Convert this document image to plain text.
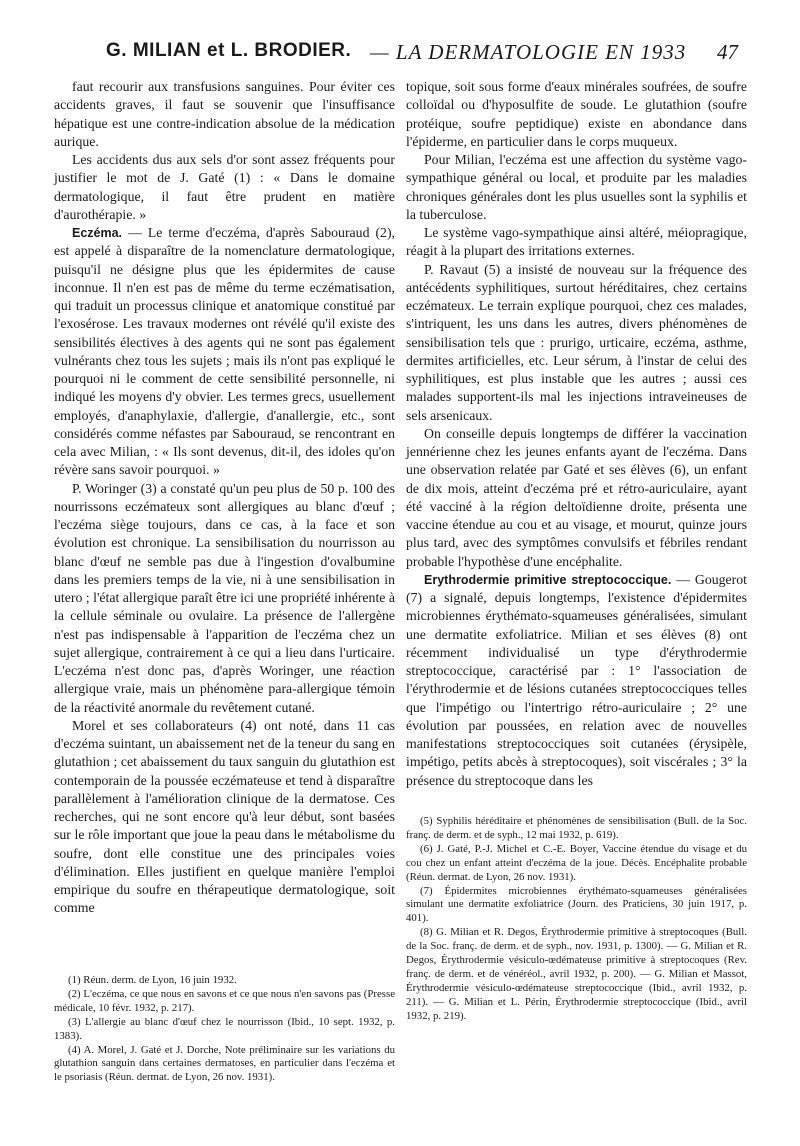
G. MILIAN et L. BRODIER. — LA DERMATOLOGIE EN 1933 47

faut recourir aux transfusions sanguines. Pour éviter ces accidents graves, il faut se souvenir que l'insuffisance hépatique est une contre-indication absolue de la médication aurique.

Les accidents dus aux sels d'or sont assez fréquents pour justifier le mot de J. Gaté (1) : « Dans le domaine dermatologique, il faut être prudent en matière d'aurothérapie. »

Eczéma. — Le terme d'eczéma, d'après Sabouraud (2), est appelé à disparaître de la nomenclature dermatologique, puisqu'il ne désigne plus que les épidermites de cause inconnue. Il n'en est pas de même du terme eczématisation, qui traduit un processus clinique et anatomique constitué par l'exosérose. Les travaux modernes ont révélé qu'il existe des sensibilités électives à des agents qui ne sont pas également vulnérants chez tous les sujets ; mais ils n'ont pas expliqué le pourquoi ni le comment de cette sensibilité personnelle, ni indiqué les moyens d'y obvier. Les termes grecs, usuellement employés, d'anaphylaxie, d'allergie, d'anallergie, etc., sont considérés comme néfastes par Sabouraud, se rencontrant en cela avec Milian, : « Ils sont devenus, dit-il, des idoles qu'on révère sans savoir pourquoi. »

P. Woringer (3) a constaté qu'un peu plus de 50 p. 100 des nourrissons eczémateux sont allergiques au blanc d'œuf ; l'eczéma siège toujours, dans ce cas, à la face et son évolution est chronique. La sensibilisation du nourrisson au blanc d'œuf ne semble pas due à l'ingestion d'ovalbumine dans les premiers temps de la vie, ni à une sensibilisation in utero ; l'état allergique paraît être ici une propriété inhérente à la cellule séminale ou ovulaire. La présence de l'allergène n'est pas indispensable à l'apparition de l'eczéma chez un sujet allergique, contrairement à ce qui a lieu dans l'urticaire. L'eczéma n'est donc pas, d'après Woringer, une réaction allergique vraie, mais un phénomène para-allergique témoin de la réactivité anormale du revêtement cutané.

Morel et ses collaborateurs (4) ont noté, dans 11 cas d'eczéma suintant, un abaissement net de la teneur du sang en glutathion ; cet abaissement du taux sanguin du glutathion est contemporain de la poussée eczémateuse et tend à disparaître parallèlement à l'amélioration clinique de la dermatose. Ces recherches, qui ne sont encore qu'à leur début, sont basées sur le rôle important que joue la peau dans le métabolisme du soufre, dont elle constitue une des principales voies d'élimination. Elles justifient en quelque manière l'emploi empirique du soufre en thérapeutique dermatologique, soit comme

topique, soit sous forme d'eaux minérales soufrées, de soufre colloïdal ou d'hyposulfite de soude. Le glutathion (soufre protéique, soufre peptidique) existe en abondance dans l'épiderme, en particulier dans le corps muqueux.

Pour Milian, l'eczéma est une affection du système vago-sympathique général ou local, et produite par les maladies chroniques générales dont les plus usuelles sont la syphilis et la tuberculose.

Le système vago-sympathique ainsi altéré, méiopragique, réagit à la plupart des irritations externes.

P. Ravaut (5) a insisté de nouveau sur la fréquence des antécédents syphilitiques, surtout héréditaires, chez certains eczémateux. Le terrain explique pourquoi, chez ces malades, s'intriquent, les uns dans les autres, divers phénomènes de sensibilisation tels que : prurigo, urticaire, eczéma, asthme, dermites artificielles, etc. Leur sérum, à l'instar de celui des syphilitiques, est plus instable que les autres ; aussi ces malades supportent-ils mal les injections intraveineuses de sels arsenicaux.

On conseille depuis longtemps de différer la vaccination jennérienne chez les jeunes enfants ayant de l'eczéma. Dans une observation relatée par Gaté et ses élèves (6), un enfant de dix mois, atteint d'eczéma pré et rétro-auriculaire, ayant été vacciné à la région deltoïdienne droite, présenta une vaccine étendue au cou et au visage, et mourut, quinze jours plus tard, avec des symptômes convulsifs et fébriles rendant probable l'hypothèse d'une encéphalite.

Erythrodermie primitive streptococcique. — Gougerot (7) a signalé, depuis longtemps, l'existence d'épidermites microbiennes érythémato-squameuses généralisées, simulant une dermatite exfoliatrice. Milian et ses élèves (8) ont récemment individualisé un type d'érythrodermie streptococcique, caractérisé par : 1° l'association de l'érythrodermie et de lésions cutanées streptococciques telles que l'impétigo ou l'intertrigo rétro-auriculaire ; 2° une évolution par poussées, en relation avec de nouvelles manifestations streptococciques soit cutanées (érysipèle, impétigo, petits abcès à streptocoques), soit viscérales ; 3° la présence du streptocoque dans les

(1) Réun. derm. de Lyon, 16 juin 1932.

(2) L'eczéma, ce que nous en savons et ce que nous n'en savons pas (Presse médicale, 10 févr. 1932, p. 217).

(3) L'allergie au blanc d'œuf chez le nourrisson (Ibid., 10 sept. 1932, p. 1383).

(4) A. Morel, J. Gaté et J. Dorche, Note préliminaire sur les variations du glutathion sanguin dans certaines dermatoses, en particulier dans l'eczéma et le psoriasis (Réun. dermat. de Lyon, 26 nov. 1931).

(5) Syphilis héréditaire et phénomènes de sensibilisation (Bull. de la Soc. franç. de derm. et de syph., 12 mai 1932, p. 619).

(6) J. Gaté, P.-J. Michel et C.-E. Boyer, Vaccine étendue du visage et du cou chez un enfant atteint d'eczéma de la joue. Décès. Encéphalite probable (Réun. dermat. de Lyon, 26 nov. 1931).

(7) Épidermites microbiennes érythémato-squameuses généralisées simulant une dermatite exfoliatrice (Journ. des Praticiens, 30 juin 1917, p. 401).

(8) G. Milian et R. Degos, Érythrodermie primitive à streptocoques (Bull. de la Soc. franç. de derm. et de syph., nov. 1931, p. 1300). — G. Milian et R. Degos, Érythrodermie vésiculo-œdémateuse primitive à streptocoques (Rev. franç. de derm. et de vénéréol., avril 1932, p. 200). — G. Milian et Massot, Érythrodermie vésiculo-œdémateuse streptococcique (Ibid., avril 1932, p. 211). — G. Milian et L. Périn, Érythrodermie streptococcique (Ibid., avril 1932, p. 219).
